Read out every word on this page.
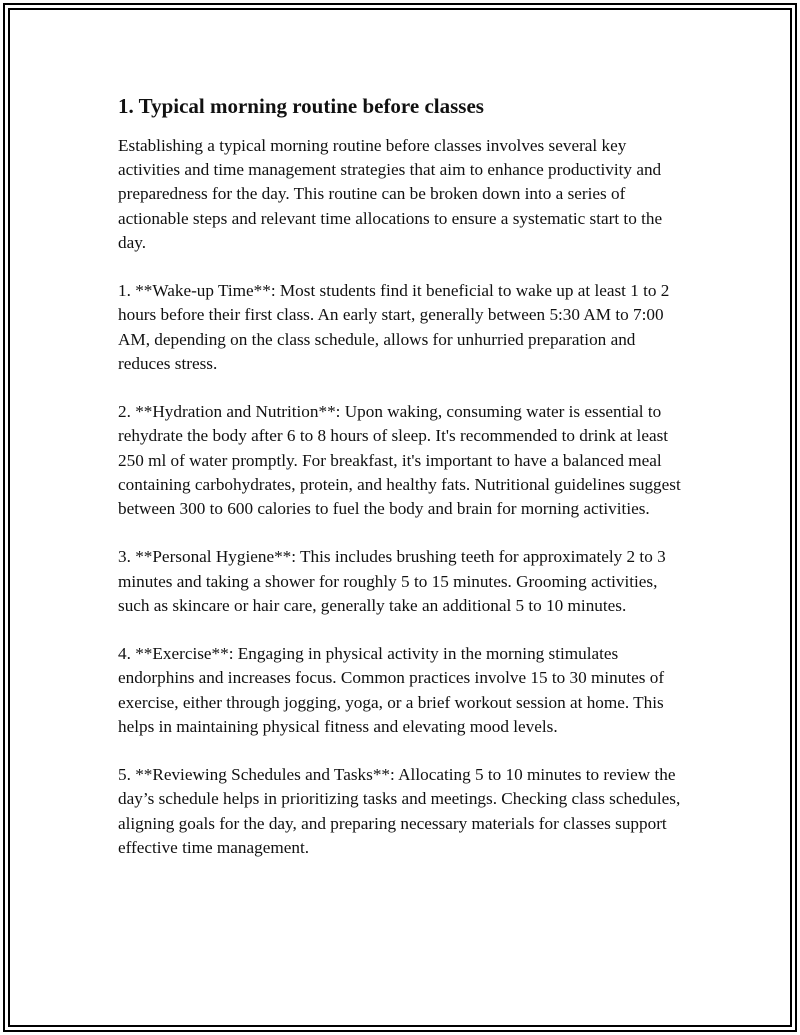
1. Typical morning routine before classes

Establishing a typical morning routine before classes involves several key activities and time management strategies that aim to enhance productivity and preparedness for the day. This routine can be broken down into a series of actionable steps and relevant time allocations to ensure a systematic start to the day.

1. **Wake-up Time**: Most students find it beneficial to wake up at least 1 to 2 hours before their first class. An early start, generally between 5:30 AM to 7:00 AM, depending on the class schedule, allows for unhurried preparation and reduces stress.

2. **Hydration and Nutrition**: Upon waking, consuming water is essential to rehydrate the body after 6 to 8 hours of sleep. It's recommended to drink at least 250 ml of water promptly. For breakfast, it's important to have a balanced meal containing carbohydrates, protein, and healthy fats. Nutritional guidelines suggest between 300 to 600 calories to fuel the body and brain for morning activities.

3. **Personal Hygiene**: This includes brushing teeth for approximately 2 to 3 minutes and taking a shower for roughly 5 to 15 minutes. Grooming activities, such as skincare or hair care, generally take an additional 5 to 10 minutes.

4. **Exercise**: Engaging in physical activity in the morning stimulates endorphins and increases focus. Common practices involve 15 to 30 minutes of exercise, either through jogging, yoga, or a brief workout session at home. This helps in maintaining physical fitness and elevating mood levels.

5. **Reviewing Schedules and Tasks**: Allocating 5 to 10 minutes to review the day’s schedule helps in prioritizing tasks and meetings. Checking class schedules, aligning goals for the day, and preparing necessary materials for classes support effective time management.
